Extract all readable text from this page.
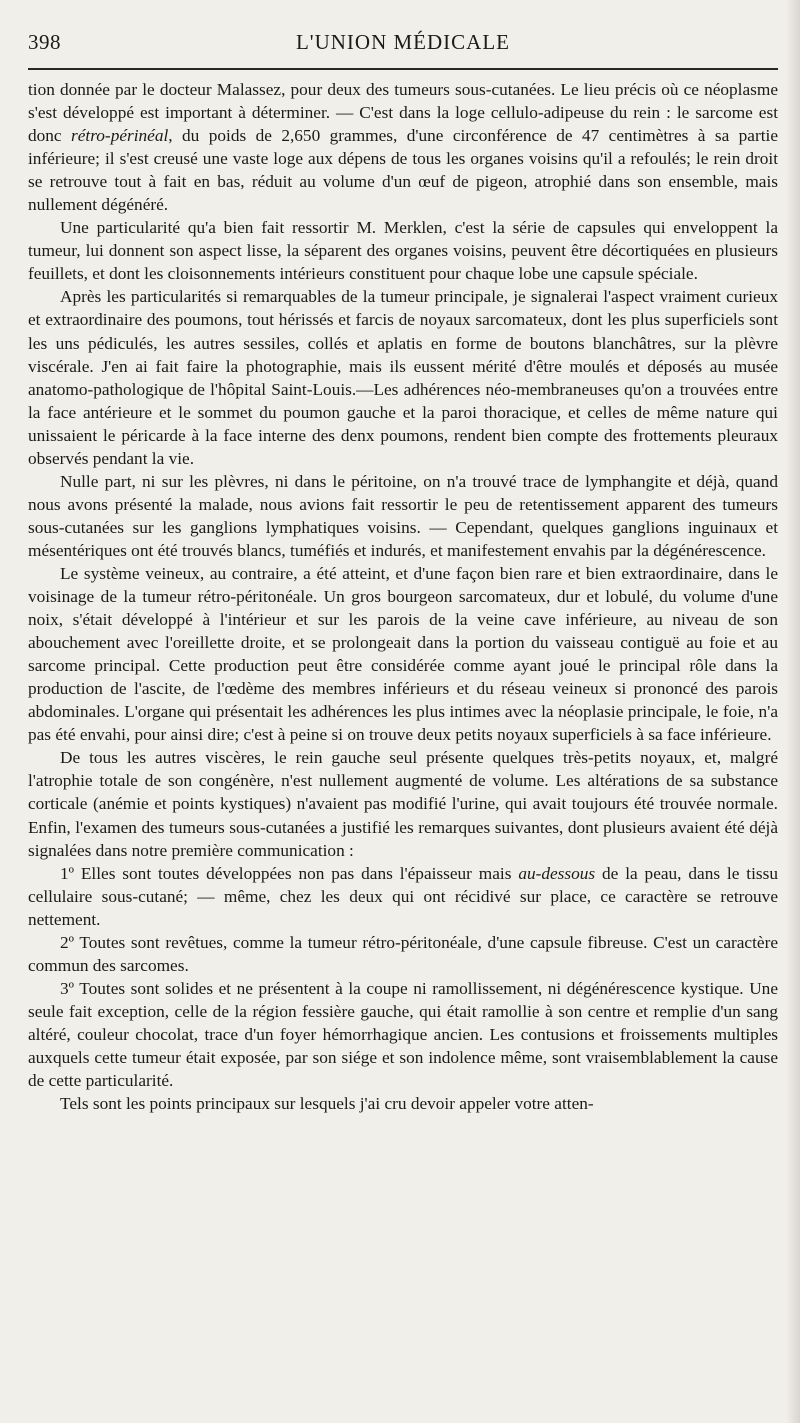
398	L'UNION MÉDICALE

tion donnée par le docteur Malassez, pour deux des tumeurs sous-cutanées. Le lieu précis où ce néoplasme s'est développé est important à déterminer. — C'est dans la loge cellulo-adipeuse du rein : le sarcome est donc rétro-périnéal, du poids de 2,650 grammes, d'une circonférence de 47 centimètres à sa partie inférieure; il s'est creusé une vaste loge aux dépens de tous les organes voisins qu'il a refoulés; le rein droit se retrouve tout à fait en bas, réduit au volume d'un œuf de pigeon, atrophié dans son ensemble, mais nullement dégénéré.

Une particularité qu'a bien fait ressortir M. Merklen, c'est la série de capsules qui enveloppent la tumeur, lui donnent son aspect lisse, la séparent des organes voisins, peuvent être décortiquées en plusieurs feuillets, et dont les cloisonnements intérieurs constituent pour chaque lobe une capsule spéciale.

Après les particularités si remarquables de la tumeur principale, je signalerai l'aspect vraiment curieux et extraordinaire des poumons, tout hérissés et farcis de noyaux sarcomateux, dont les plus superficiels sont les uns pédiculés, les autres sessiles, collés et aplatis en forme de boutons blanchâtres, sur la plèvre viscérale. J'en ai fait faire la photographie, mais ils eussent mérité d'être moulés et déposés au musée anatomo-pathologique de l'hôpital Saint-Louis.—Les adhérences néo-membraneuses qu'on a trouvées entre la face antérieure et le sommet du poumon gauche et la paroi thoracique, et celles de même nature qui unissaient le péricarde à la face interne des denx poumons, rendent bien compte des frottements pleuraux observés pendant la vie.

Nulle part, ni sur les plèvres, ni dans le péritoine, on n'a trouvé trace de lymphangite et déjà, quand nous avons présenté la malade, nous avions fait ressortir le peu de retentissement apparent des tumeurs sous-cutanées sur les ganglions lymphatiques voisins. — Cependant, quelques ganglions inguinaux et mésentériques ont été trouvés blancs, tuméfiés et indurés, et manifestement envahis par la dégénérescence.

Le système veineux, au contraire, a été atteint, et d'une façon bien rare et bien extraordinaire, dans le voisinage de la tumeur rétro-péritonéale. Un gros bourgeon sarcomateux, dur et lobulé, du volume d'une noix, s'était développé à l'intérieur et sur les parois de la veine cave inférieure, au niveau de son abouchement avec l'oreillette droite, et se prolongeait dans la portion du vaisseau contiguë au foie et au sarcome principal. Cette production peut être considérée comme ayant joué le principal rôle dans la production de l'ascite, de l'œdème des membres inférieurs et du réseau veineux si prononcé des parois abdominales. L'organe qui présentait les adhérences les plus intimes avec la néoplasie principale, le foie, n'a pas été envahi, pour ainsi dire; c'est à peine si on trouve deux petits noyaux superficiels à sa face inférieure.

De tous les autres viscères, le rein gauche seul présente quelques très-petits noyaux, et, malgré l'atrophie totale de son congénère, n'est nullement augmenté de volume. Les altérations de sa substance corticale (anémie et points kystiques) n'avaient pas modifié l'urine, qui avait toujours été trouvée normale. Enfin, l'examen des tumeurs sous-cutanées a justifié les remarques suivantes, dont plusieurs avaient été déjà signalées dans notre première communication :

1º Elles sont toutes développées non pas dans l'épaisseur mais au-dessous de la peau, dans le tissu cellulaire sous-cutané; — même, chez les deux qui ont récidivé sur place, ce caractère se retrouve nettement.

2º Toutes sont revêtues, comme la tumeur rétro-péritonéale, d'une capsule fibreuse. C'est un caractère commun des sarcomes.

3º Toutes sont solides et ne présentent à la coupe ni ramollissement, ni dégénérescence kystique. Une seule fait exception, celle de la région fessière gauche, qui était ramollie à son centre et remplie d'un sang altéré, couleur chocolat, trace d'un foyer hémorrhagique ancien. Les contusions et froissements multiples auxquels cette tumeur était exposée, par son siége et son indolence même, sont vraisemblablement la cause de cette particularité.

Tels sont les points principaux sur lesquels j'ai cru devoir appeler votre atten-
